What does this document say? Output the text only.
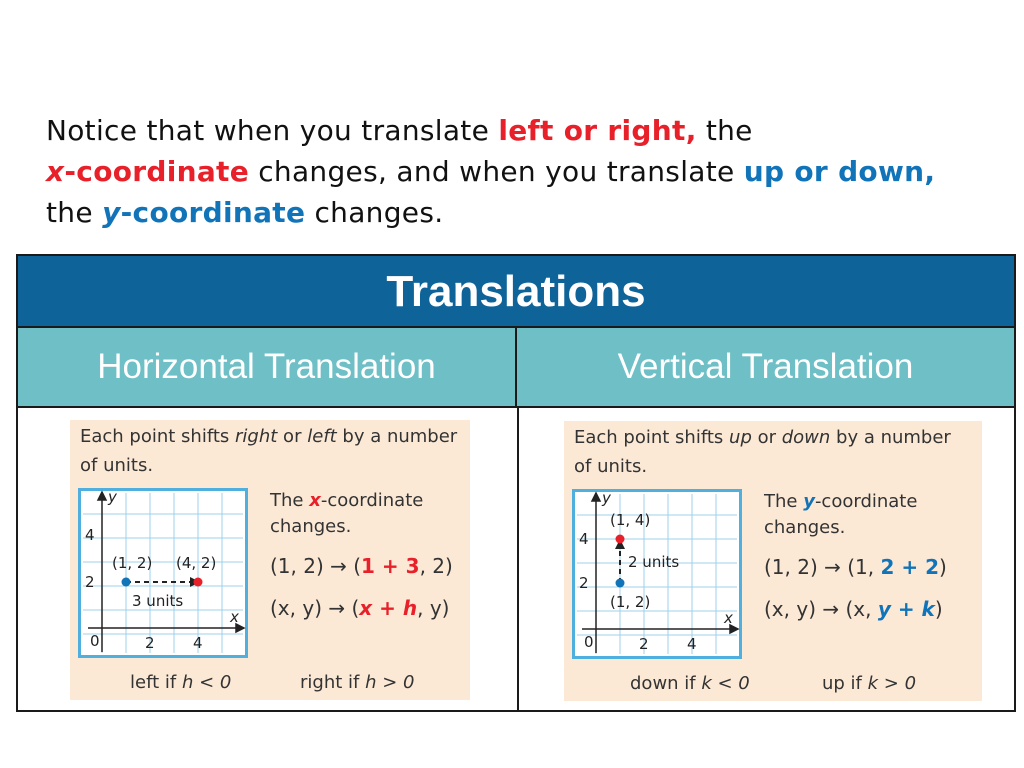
Notice that when you translate left or right, the
x-coordinate changes, and when you translate up or down, the y-coordinate changes.
Translations
Horizontal Translation	Vertical Translation
Each point shifts right or left by a number of units.
y
x
0	2	4
2
4
(1, 2) (4, 2)
3 units
The x-coordinate changes.
(1, 2) → (1 + 3, 2)
(x, y) → (x + h, y)
left if h < 0	right if h > 0
Each point shifts up or down by a number of units.
y
x
0	2	4
2
4
(1, 4)
2 units
(1, 2)
The y-coordinate changes.
(1, 2) → (1, 2 + 2)
(x, y) → (x, y + k)
down if k < 0	up if k > 0
